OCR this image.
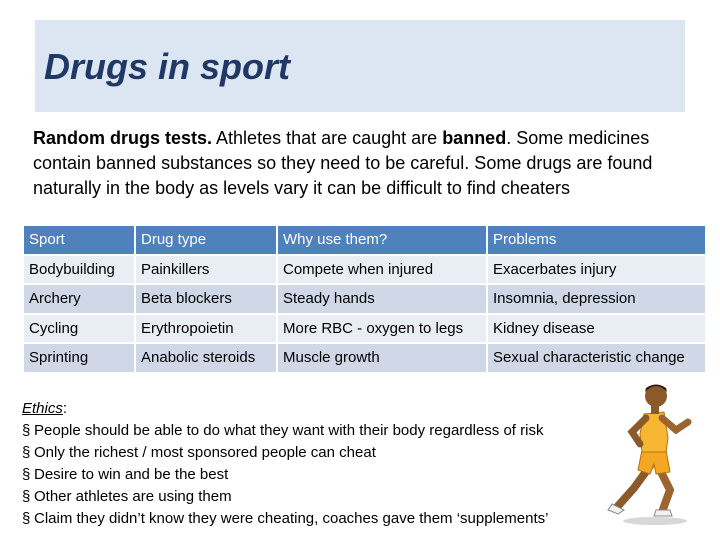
Drugs in sport
Random drugs tests. Athletes that are caught are banned. Some medicines contain banned substances so they need to be careful. Some drugs are found naturally in the body as levels vary it can be difficult to find cheaters
Sport	Drug type	Why use them?	Problems
Bodybuilding	Painkillers	Compete when injured	Exacerbates injury
Archery	Beta blockers	Steady hands	Insomnia, depression
Cycling	Erythropoietin	More RBC - oxygen to legs	Kidney disease
Sprinting	Anabolic steroids	Muscle growth	Sexual characteristic change
Ethics:
§ People should be able to do what they want with their body regardless of risk
§ Only the richest / most sponsored people can cheat
§ Desire to win and be the best
§ Other athletes are using them
§ Claim they didn’t know they were cheating, coaches gave them ‘supplements’
